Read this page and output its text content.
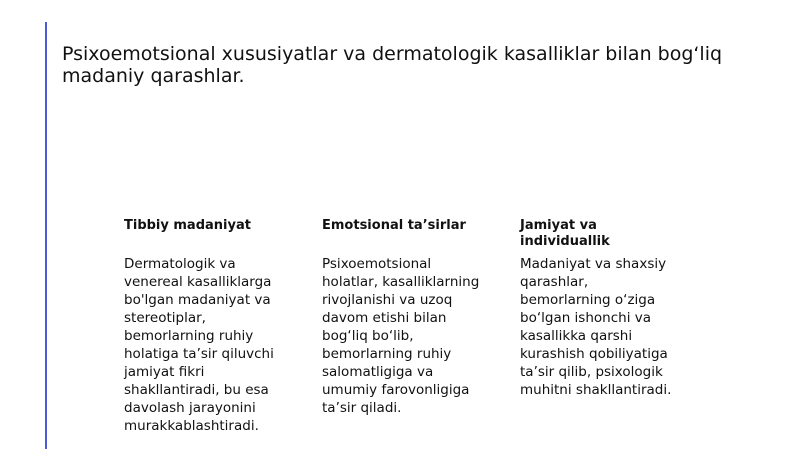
Psixoemotsional xususiyatlar va dermatologik kasalliklar bilan bog‘liq madaniy qarashlar.
Tibbiy madaniyat

Dermatologik va venereal kasalliklarga bo'lgan madaniyat va stereotiplar, bemorlarning ruhiy holatiga ta’sir qiluvchi jamiyat fikri shakllantiradi, bu esa davolash jarayonini murakkablashtiradi.

Emotsional ta’sirlar

Psixoemotsional holatlar, kasalliklarning rivojlanishi va uzoq davom etishi bilan bog‘liq bo‘lib, bemorlarning ruhiy salomatligiga va umumiy farovonligiga ta’sir qiladi.

Jamiyat va individuallik

Madaniyat va shaxsiy qarashlar, bemorlarning o‘ziga bo‘lgan ishonchi va kasallikka qarshi kurashish qobiliyatiga ta’sir qilib, psixologik muhitni shakllantiradi.
